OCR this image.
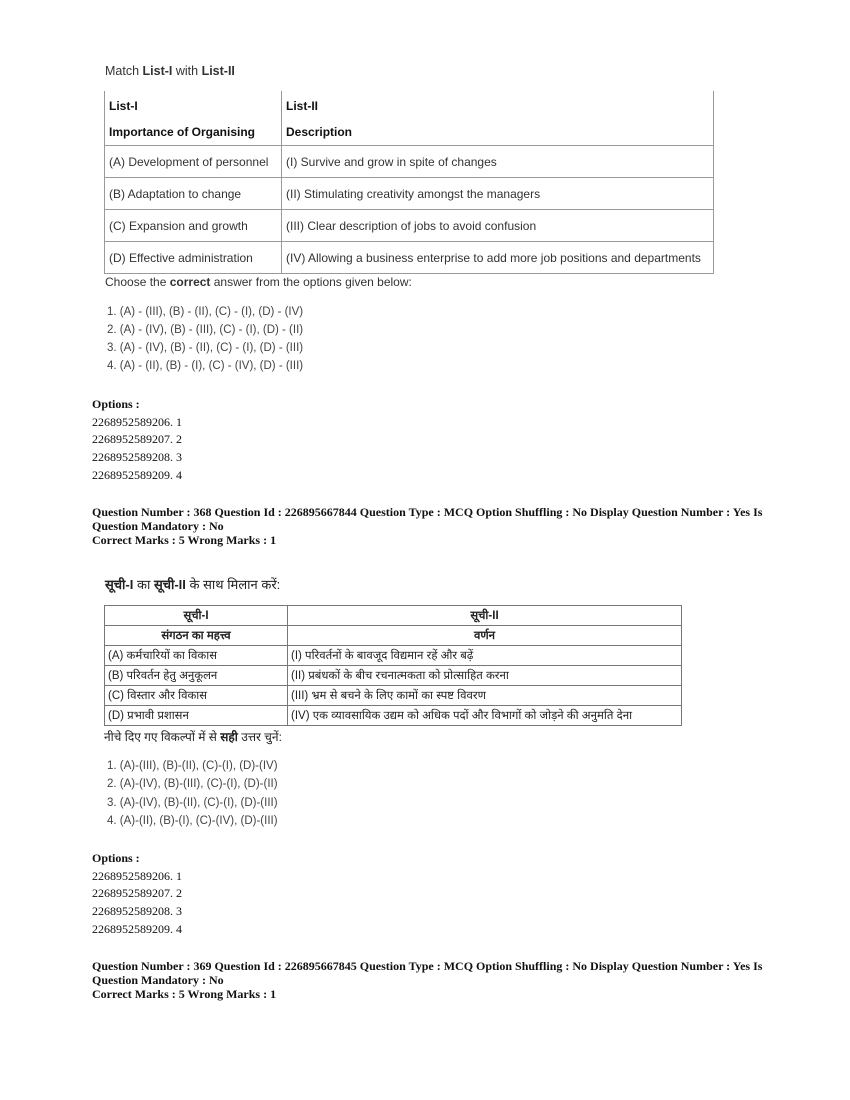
Match List-I with List-II
List-I	List-II
Importance of Organising	Description
(A) Development of personnel	(I) Survive and grow in spite of changes
(B) Adaptation to change	(II) Stimulating creativity amongst the managers
(C) Expansion and growth	(III) Clear description of jobs to avoid confusion
(D) Effective administration	(IV) Allowing a business enterprise to add more job positions and departments
Choose the correct answer from the options given below:
1. (A) - (III), (B) - (II), (C) - (I), (D) - (IV)
2. (A) - (IV), (B) - (III), (C) - (I), (D) - (II)
3. (A) - (IV), (B) - (II), (C) - (I), (D) - (III)
4. (A) - (II), (B) - (I), (C) - (IV), (D) - (III)
Options :
2268952589206. 1
2268952589207. 2
2268952589208. 3
2268952589209. 4
Question Number : 368 Question Id : 226895667844 Question Type : MCQ Option Shuffling : No Display Question Number : Yes Is Question Mandatory : No
Correct Marks : 5 Wrong Marks : 1
सूची-I का सूची-II के साथ मिलान करें:
सूची-I	सूची-II
संगठन का महत्त्व	वर्णन
(A) कर्मचारियों का विकास	(I) परिवर्तनों के बावजूद विद्यमान रहें और बढ़ें
(B) परिवर्तन हेतु अनुकूलन	(II) प्रबंधकों के बीच रचनात्मकता को प्रोत्साहित करना
(C) विस्तार और विकास	(III) भ्रम से बचने के लिए कामों का स्पष्ट विवरण
(D) प्रभावी प्रशासन	(IV) एक व्यावसायिक उद्यम को अधिक पदों और विभागों को जोड़ने की अनुमति देना
नीचे दिए गए विकल्पों में से सही उत्तर चुनें:
1. (A)-(III), (B)-(II), (C)-(I), (D)-(IV)
2. (A)-(IV), (B)-(III), (C)-(I), (D)-(II)
3. (A)-(IV), (B)-(II), (C)-(I), (D)-(III)
4. (A)-(II), (B)-(I), (C)-(IV), (D)-(III)
Options :
2268952589206. 1
2268952589207. 2
2268952589208. 3
2268952589209. 4
Question Number : 369 Question Id : 226895667845 Question Type : MCQ Option Shuffling : No Display Question Number : Yes Is Question Mandatory : No
Correct Marks : 5 Wrong Marks : 1
